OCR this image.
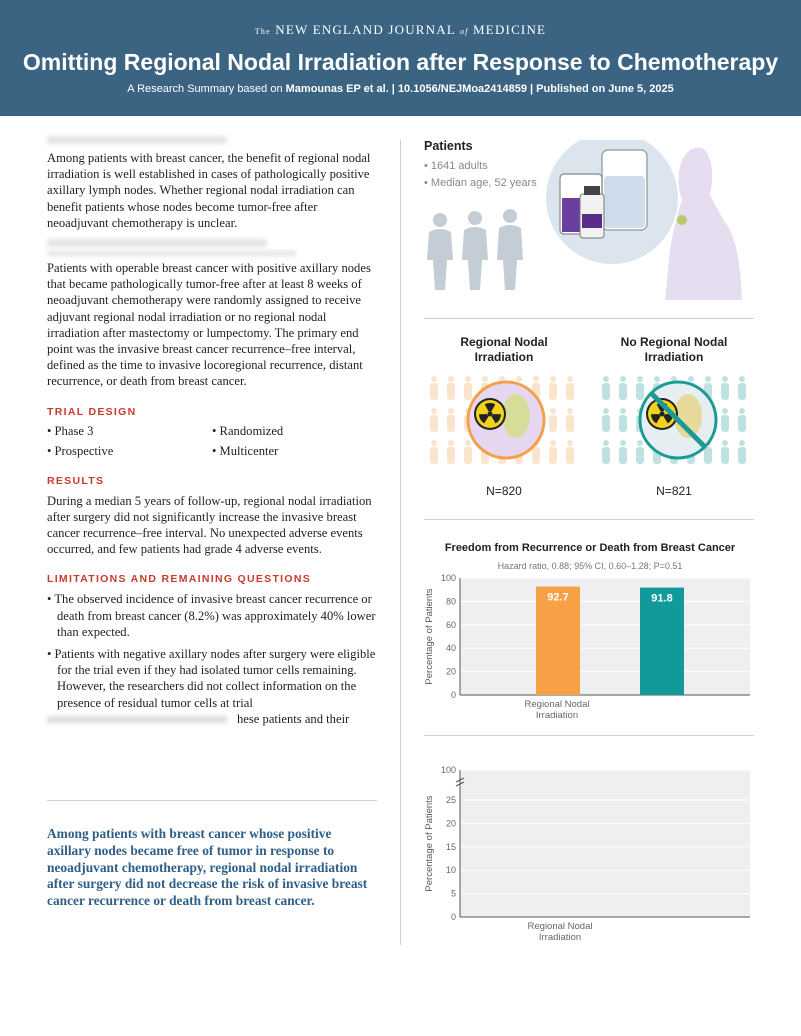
The NEW ENGLAND JOURNAL of MEDICINE
Omitting Regional Nodal Irradiation after Response to Chemotherapy
A Research Summary based on Mamounas EP et al. | 10.1056/NEJMoa2414859 | Published on June 5, 2025
Among patients with breast cancer, the benefit of regional nodal irradiation is well established in cases of pathologically positive axillary lymph nodes. Whether regional nodal irradiation can benefit patients whose nodes become tumor-free after neoadjuvant chemotherapy is unclear.
Patients with operable breast cancer with positive axillary nodes that became pathologically tumor-free after at least 8 weeks of neoadjuvant chemotherapy were randomly assigned to receive adjuvant regional nodal irradiation or no regional nodal irradiation after mastectomy or lumpectomy. The primary end point was the invasive breast cancer recurrence–free interval, defined as the time to invasive locoregional recurrence, distant recurrence, or death from breast cancer.
TRIAL DESIGN
• Phase 3	• Randomized
• Prospective	• Multicenter
RESULTS
During a median 5 years of follow-up, regional nodal irradiation after surgery did not significantly increase the invasive breast cancer recurrence–free interval. No unexpected adverse events occurred, and few patients had grade 4 adverse events.
LIMITATIONS AND REMAINING QUESTIONS
• The observed incidence of invasive breast cancer recurrence or death from breast cancer (8.2%) was approximately 40% lower than expected.
• Patients with negative axillary nodes after surgery were eligible for the trial even if they had isolated tumor cells remaining. However, the researchers did not collect information on the presence of residual tumor cells at trial
hese patients and their
Among patients with breast cancer whose positive axillary nodes became free of tumor in response to neoadjuvant chemotherapy, regional nodal irradiation after surgery did not decrease the risk of invasive breast cancer recurrence or death from breast cancer.
Patients
• 1641 adults
• Median age, 52 years
Regional Nodal Irradiation
No Regional Nodal Irradiation
N=820	N=821
Freedom from Recurrence or Death from Breast Cancer
Hazard ratio, 0.88; 95% CI, 0.60–1.28; P=0.51
0
20
40
60
80
100
Percentage of Patients	92.7	91.8
Regional Nodal
Irradiation
0
5
10
15
20
25
100
Percentage of Patients
Regional Nodal
Irradiation
